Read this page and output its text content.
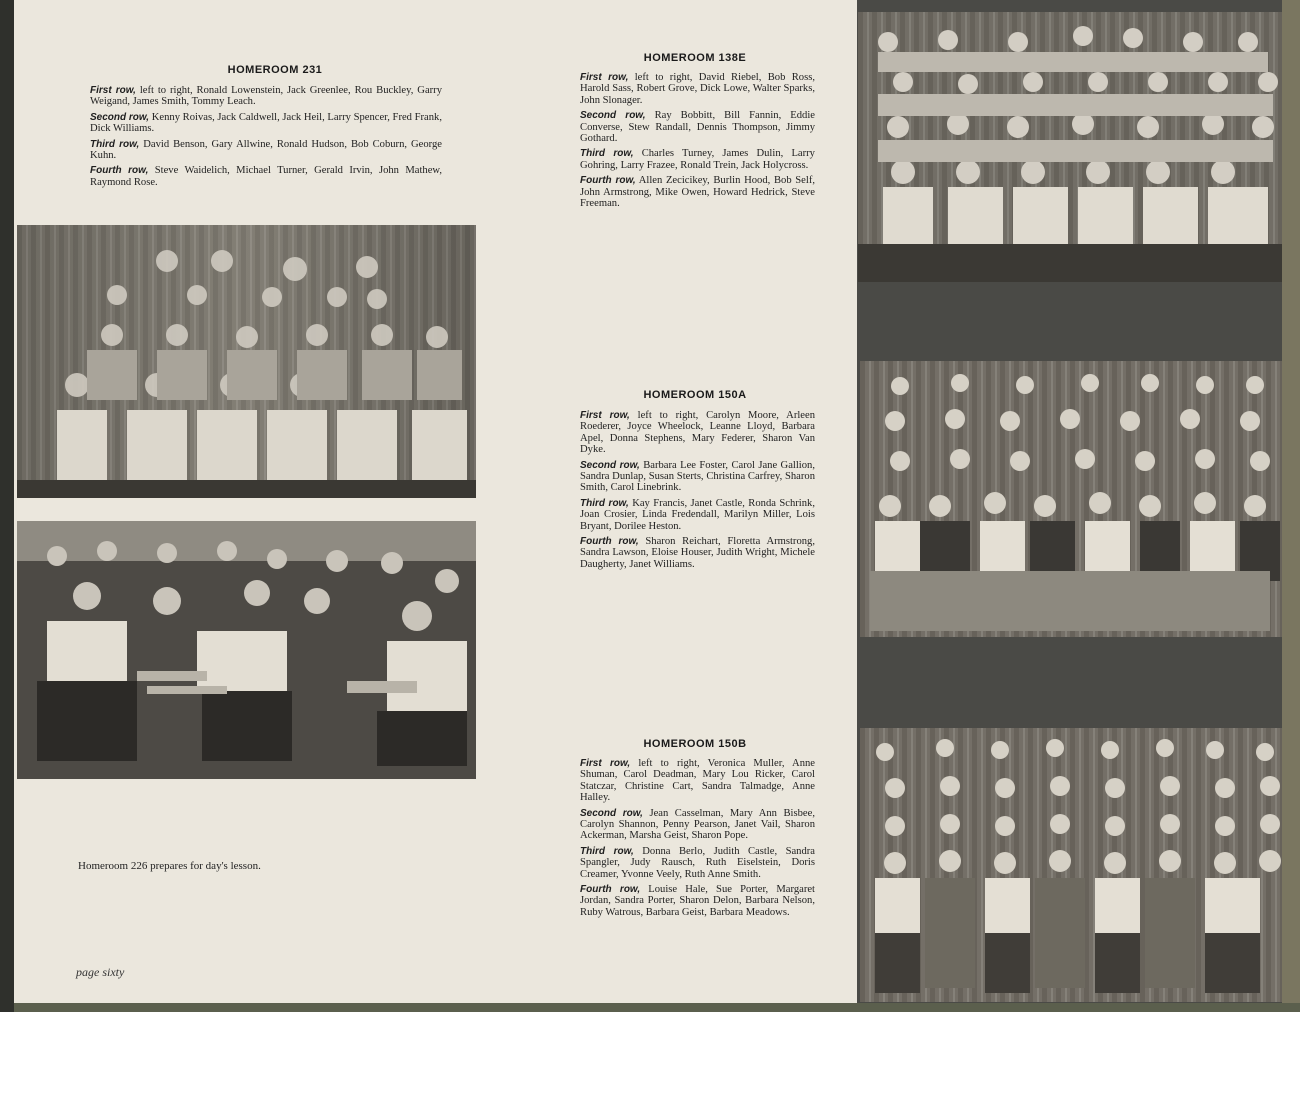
HOMEROOM 231

First row, left to right, Ronald Lowenstein, Jack Greenlee, Rou Buckley, Garry Weigand, James Smith, Tommy Leach.

Second row, Kenny Roivas, Jack Caldwell, Jack Heil, Larry Spencer, Fred Frank, Dick Williams.

Third row, David Benson, Gary Allwine, Ronald Hudson, Bob Coburn, George Kuhn.

Fourth row, Steve Waidelich, Michael Turner, Gerald Irvin, John Mathew, Raymond Rose.

HOMEROOM 138E

First row, left to right, David Riebel, Bob Ross, Harold Sass, Robert Grove, Dick Lowe, Walter Sparks, John Slonager.

Second row, Ray Bobbitt, Bill Fannin, Eddie Converse, Stew Randall, Dennis Thompson, Jimmy Gothard.

Third row, Charles Turney, James Dulin, Larry Gohring, Larry Frazee, Ronald Trein, Jack Holycross.

Fourth row, Allen Zecicikey, Burlin Hood, Bob Self, John Armstrong, Mike Owen, Howard Hedrick, Steve Freeman.

HOMEROOM 150A

First row, left to right, Carolyn Moore, Arleen Roederer, Joyce Wheelock, Leanne Lloyd, Barbara Apel, Donna Stephens, Mary Federer, Sharon Van Dyke.

Second row, Barbara Lee Foster, Carol Jane Gallion, Sandra Dunlap, Susan Sterts, Christina Carfrey, Sharon Smith, Carol Linebrink.

Third row, Kay Francis, Janet Castle, Ronda Schrink, Joan Crosier, Linda Fredendall, Marilyn Miller, Lois Bryant, Dorilee Heston.

Fourth row, Sharon Reichart, Floretta Armstrong, Sandra Lawson, Eloise Houser, Judith Wright, Michele Daugherty, Janet Williams.

HOMEROOM 150B

First row, left to right, Veronica Muller, Anne Shuman, Carol Deadman, Mary Lou Ricker, Carol Statczar, Christine Cart, Sandra Talmadge, Anne Halley.

Second row, Jean Casselman, Mary Ann Bisbee, Carolyn Shannon, Penny Pearson, Janet Vail, Sharon Ackerman, Marsha Geist, Sharon Pope.

Third row, Donna Berlo, Judith Castle, Sandra Spangler, Judy Rausch, Ruth Eiselstein, Doris Creamer, Yvonne Veely, Ruth Anne Smith.

Fourth row, Louise Hale, Sue Porter, Margaret Jordan, Sandra Porter, Sharon Delon, Barbara Nelson, Ruby Watrous, Barbara Geist, Barbara Meadows.

Homeroom 226 prepares for day's lesson.
page sixty
